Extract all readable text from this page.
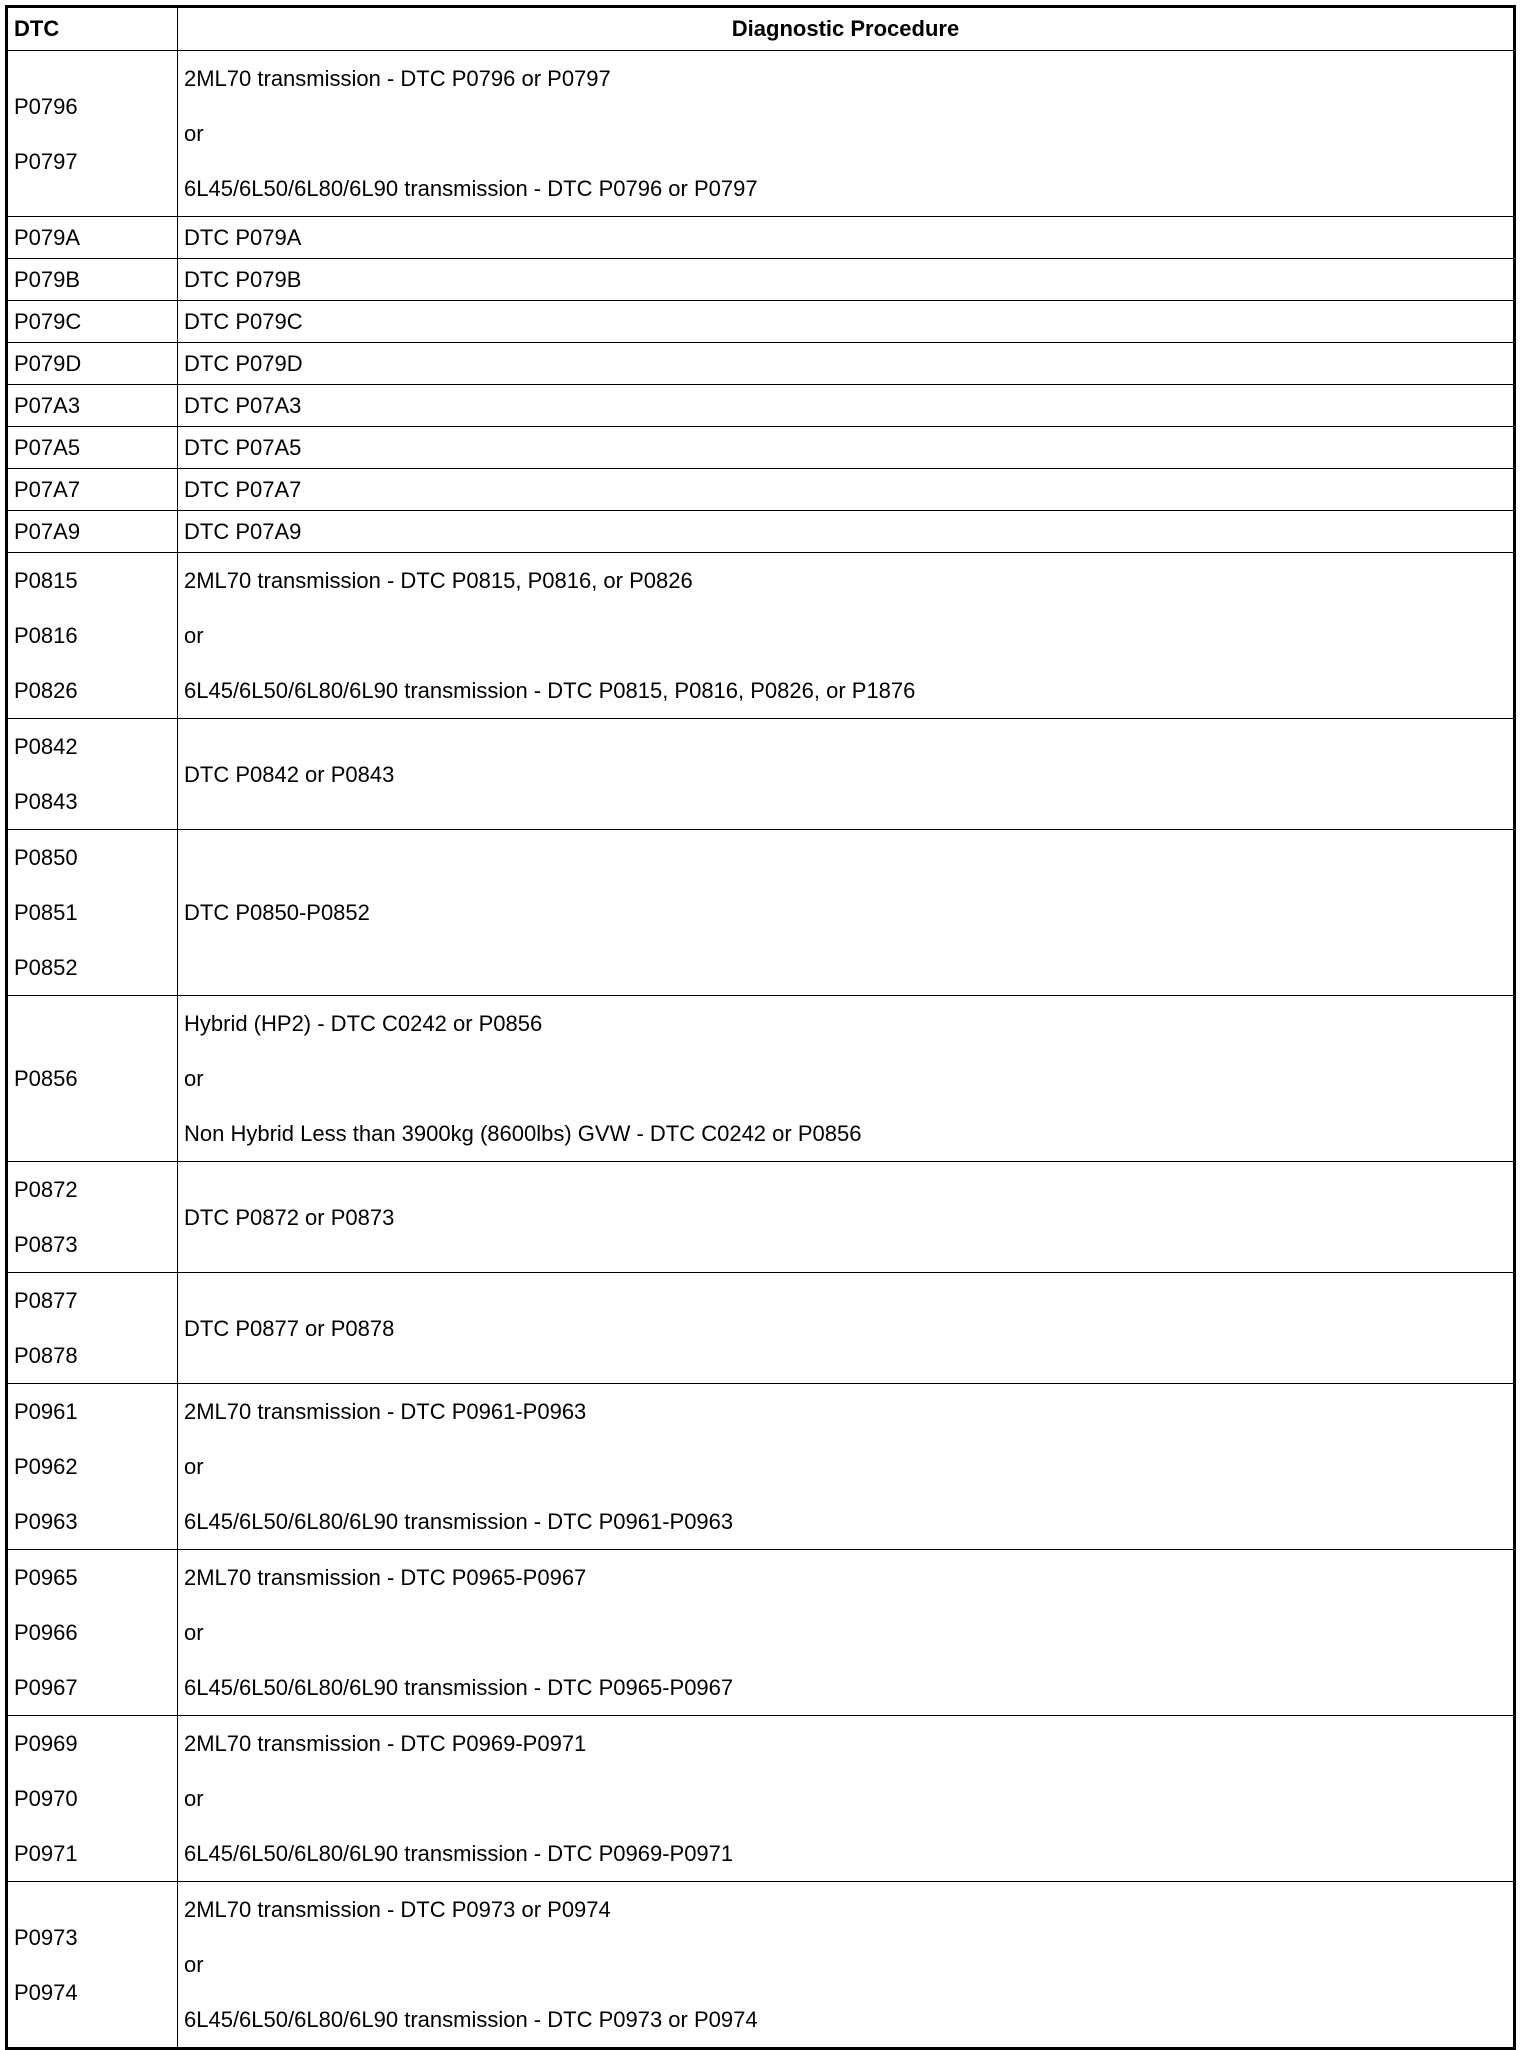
DTC	Diagnostic Procedure

P0796
P0797	2ML70 transmission - DTC P0796 or P0797
or
6L45/6L50/6L80/6L90 transmission - DTC P0796 or P0797

P079A	DTC P079A

P079B	DTC P079B

P079C	DTC P079C

P079D	DTC P079D

P07A3	DTC P07A3

P07A5	DTC P07A5

P07A7	DTC P07A7

P07A9	DTC P07A9

P0815
P0816
P0826	2ML70 transmission - DTC P0815, P0816, or P0826
or
6L45/6L50/6L80/6L90 transmission - DTC P0815, P0816, P0826, or P1876

P0842
P0843	DTC P0842 or P0843

P0850
P0851
P0852	DTC P0850-P0852

P0856	Hybrid (HP2) - DTC C0242 or P0856
or
Non Hybrid Less than 3900kg (8600lbs) GVW - DTC C0242 or P0856

P0872
P0873	DTC P0872 or P0873

P0877
P0878	DTC P0877 or P0878

P0961
P0962
P0963	2ML70 transmission - DTC P0961-P0963
or
6L45/6L50/6L80/6L90 transmission - DTC P0961-P0963

P0965
P0966
P0967	2ML70 transmission - DTC P0965-P0967
or
6L45/6L50/6L80/6L90 transmission - DTC P0965-P0967

P0969
P0970
P0971	2ML70 transmission - DTC P0969-P0971
or
6L45/6L50/6L80/6L90 transmission - DTC P0969-P0971

P0973
P0974	2ML70 transmission - DTC P0973 or P0974
or
6L45/6L50/6L80/6L90 transmission - DTC P0973 or P0974
